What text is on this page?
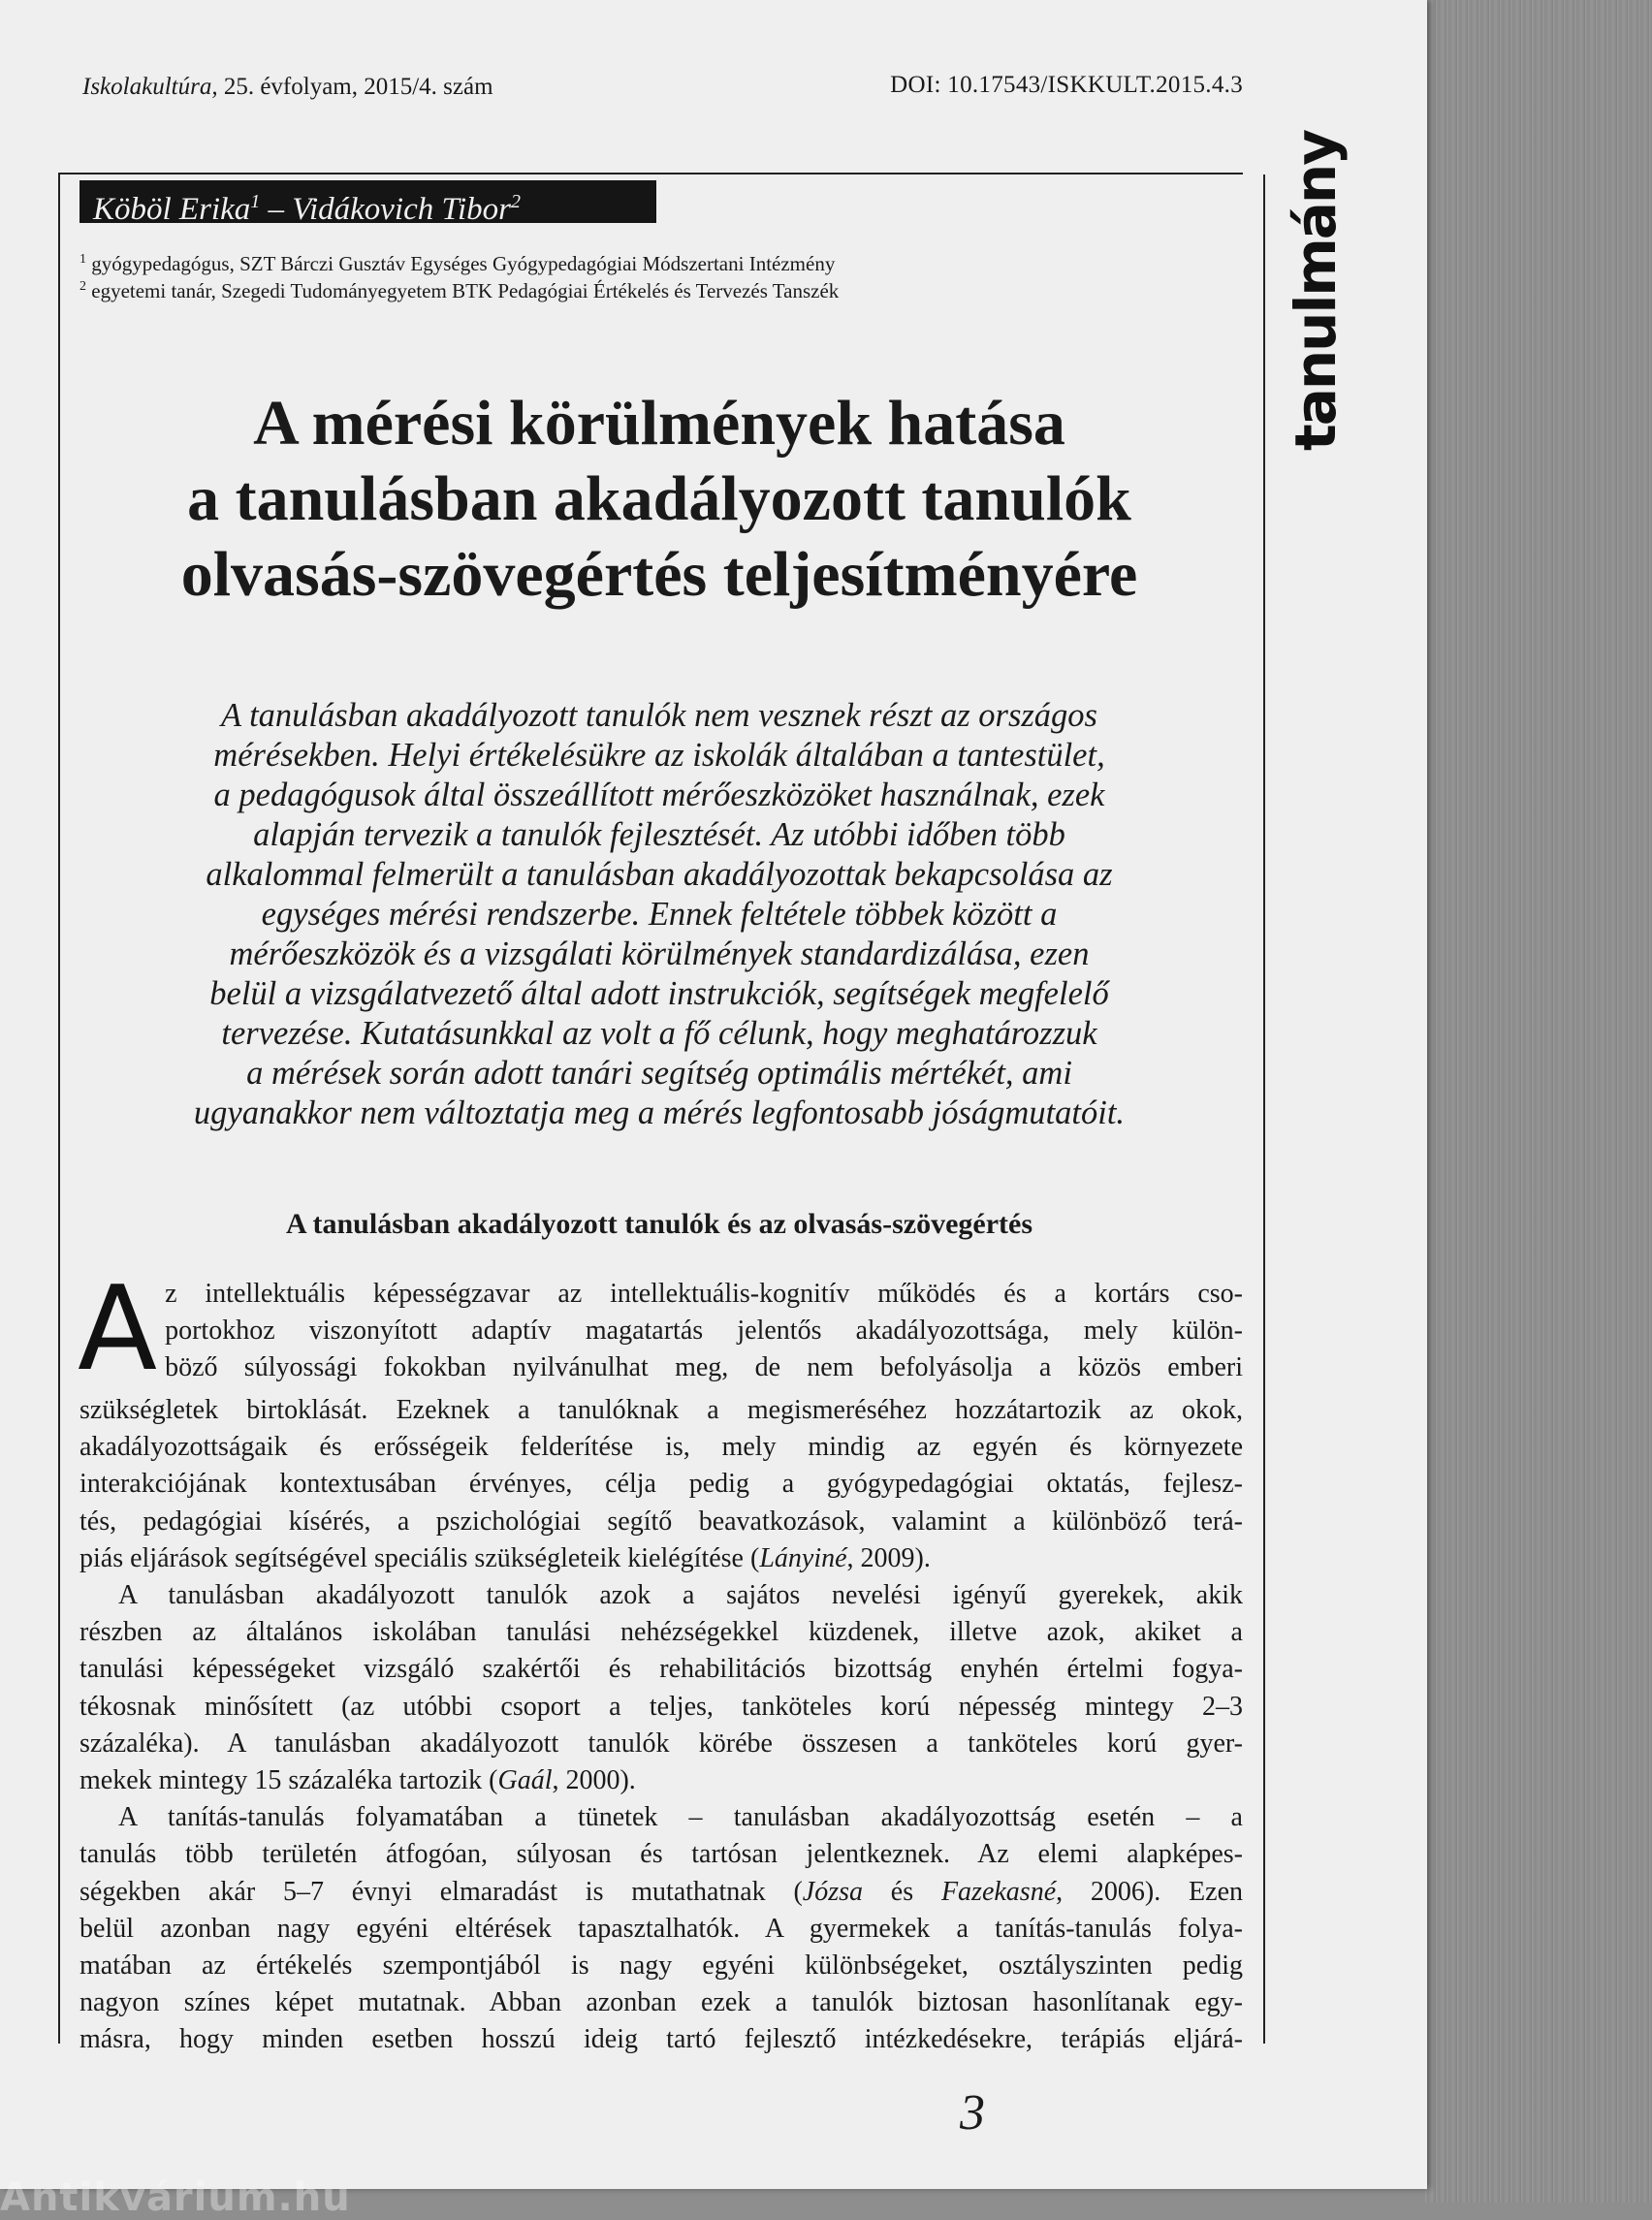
Iskolakultúra, 25. évfolyam, 2015/4. szám	DOI: 10.17543/ISKKULT.2015.4.3
tanulmány
Köböl Erika$^1$ – Vidákovich Tibor$^2$
$^1$ gyógypedagógus, SZT Bárczi Gusztáv Egységes Gyógypedagógiai Módszertani Intézmény
$^2$ egyetemi tanár, Szegedi Tudományegyetem BTK Pedagógiai Értékelés és Tervezés Tanszék
A mérési körülmények hatása
a tanulásban akadályozott tanulók
olvasás-szövegértés teljesítményére
A tanulásban akadályozott tanulók nem vesznek részt az országos
mérésekben. Helyi értékelésükre az iskolák általában a tantestület,
a pedagógusok által összeállított mérőeszközöket használnak, ezek
alapján tervezik a tanulók fejlesztését. Az utóbbi időben több
alkalommal felmerült a tanulásban akadályozottak bekapcsolása az
egységes mérési rendszerbe. Ennek feltétele többek között a
mérőeszközök és a vizsgálati körülmények standardizálása, ezen
belül a vizsgálatvezető által adott instrukciók, segítségek megfelelő
tervezése. Kutatásunkkal az volt a fő célunk, hogy meghatározzuk
a mérések során adott tanári segítség optimális mértékét, ami
ugyanakkor nem változtatja meg a mérés legfontosabb jóságmutatóit.
A tanulásban akadályozott tanulók és az olvasás-szövegértés
A z intellektuális képességzavar az intellektuális-kognitív működés és a kortárs cso-
portokhoz viszonyított adaptív magatartás jelentős akadályozottsága, mely külön-
böző súlyossági fokokban nyilvánulhat meg, de nem befolyásolja a közös emberi
szükségletek birtoklását. Ezeknek a tanulóknak a megismeréséhez hozzátartozik az okok,
akadályozottságaik és erősségeik felderítése is, mely mindig az egyén és környezete
interakciójának kontextusában érvényes, célja pedig a gyógypedagógiai oktatás, fejlesz-
tés, pedagógiai kísérés, a pszichológiai segítő beavatkozások, valamint a különböző terá-
piás eljárások segítségével speciális szükségleteik kielégítése (Lányiné, 2009).
A tanulásban akadályozott tanulók azok a sajátos nevelési igényű gyerekek, akik
részben az általános iskolában tanulási nehézségekkel küzdenek, illetve azok, akiket a
tanulási képességeket vizsgáló szakértői és rehabilitációs bizottság enyhén értelmi fogya-
tékosnak minősített (az utóbbi csoport a teljes, tanköteles korú népesség mintegy 2–3
százaléka). A tanulásban akadályozott tanulók körébe összesen a tanköteles korú gyer-
mekek mintegy 15 százaléka tartozik (Gaál, 2000).
A tanítás-tanulás folyamatában a tünetek – tanulásban akadályozottság esetén – a
tanulás több területén átfogóan, súlyosan és tartósan jelentkeznek. Az elemi alapképes-
ségekben akár 5–7 évnyi elmaradást is mutathatnak (Józsa és Fazekasné, 2006). Ezen
belül azonban nagy egyéni eltérések tapasztalhatók. A gyermekek a tanítás-tanulás folya-
matában az értékelés szempontjából is nagy egyéni különbségeket, osztályszinten pedig
nagyon színes képet mutatnak. Abban azonban ezek a tanulók biztosan hasonlítanak egy-
másra, hogy minden esetben hosszú ideig tartó fejlesztő intézkedésekre, terápiás eljárá-
3
Antikvárium.hu
